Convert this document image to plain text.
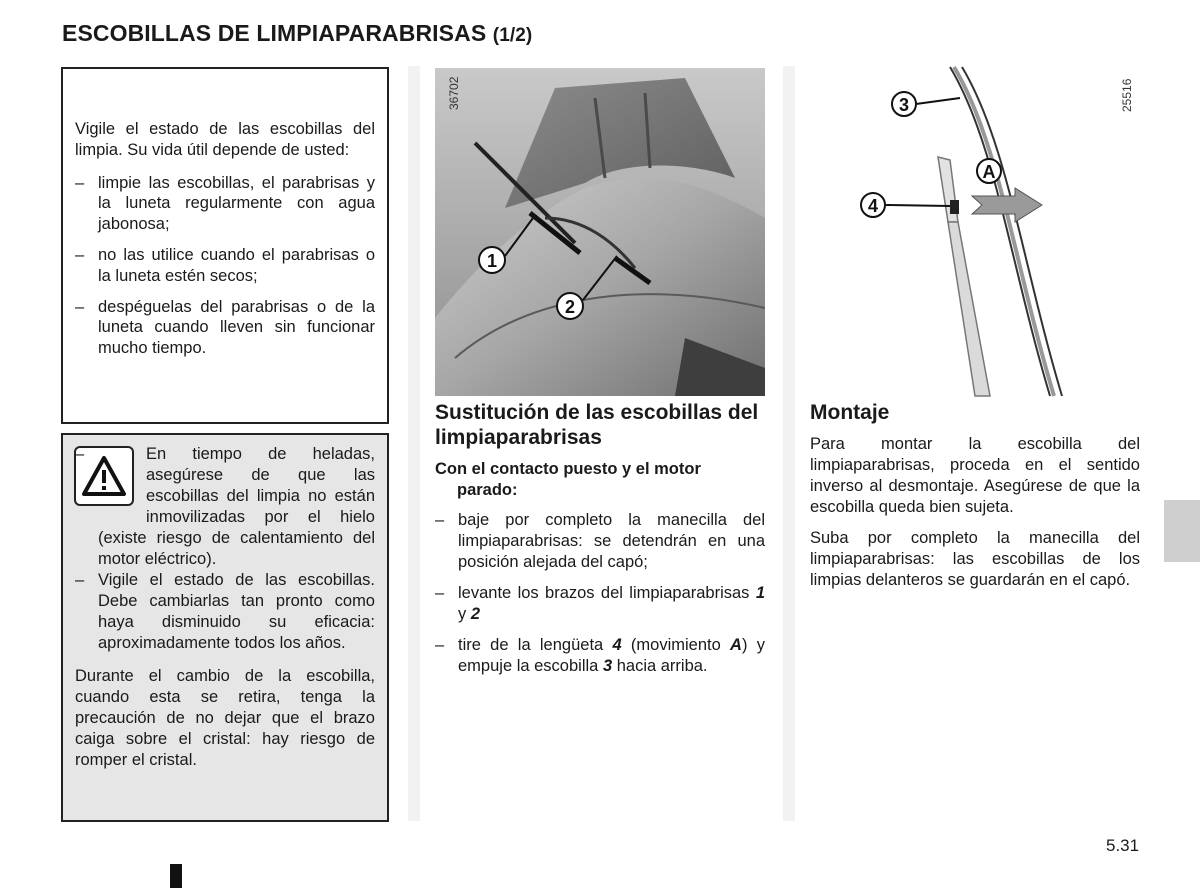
ESCOBILLAS DE LIMPIAPARABRISAS (1/2)

Vigile el estado de las escobillas del limpia. Su vida útil depende de usted:

– limpie las escobillas, el parabrisas y la luneta regularmente con agua jabonosa;
– no las utilice cuando el parabrisas o la luneta estén secos;
– despéguelas del parabrisas o de la luneta cuando lleven sin funcionar mucho tiempo.
– En tiempo de heladas, asegúrese de que las escobillas del limpia no están inmovilizadas por el hielo (existe riesgo de calentamiento del motor eléctrico).
– Vigile el estado de las escobillas. Debe cambiarlas tan pronto como haya disminuido su eficacia: aproximadamente todos los años.

Durante el cambio de la escobilla, cuando esta se retira, tenga la precaución de no dejar que el brazo caiga sobre el cristal: hay riesgo de romper el cristal.

1
2
36702
Sustitución de las escobillas del limpiaparabrisas

Con el contacto puesto y el motor parado:

– baje por completo la manecilla del limpiaparabrisas: se detendrán en una posición alejada del capó;
– levante los brazos del limpiaparabrisas 1 y 2
– tire de la lengüeta 4 (movimiento A) y empuje la escobilla 3 hacia arriba.
3
A
4
25516
Montaje

Para montar la escobilla del limpiaparabrisas, proceda en el sentido inverso al desmontaje. Asegúrese de que la escobilla queda bien sujeta.

Suba por completo la manecilla del limpiaparabrisas: las escobillas de los limpias delanteros se guardarán en el capó.

5.31
